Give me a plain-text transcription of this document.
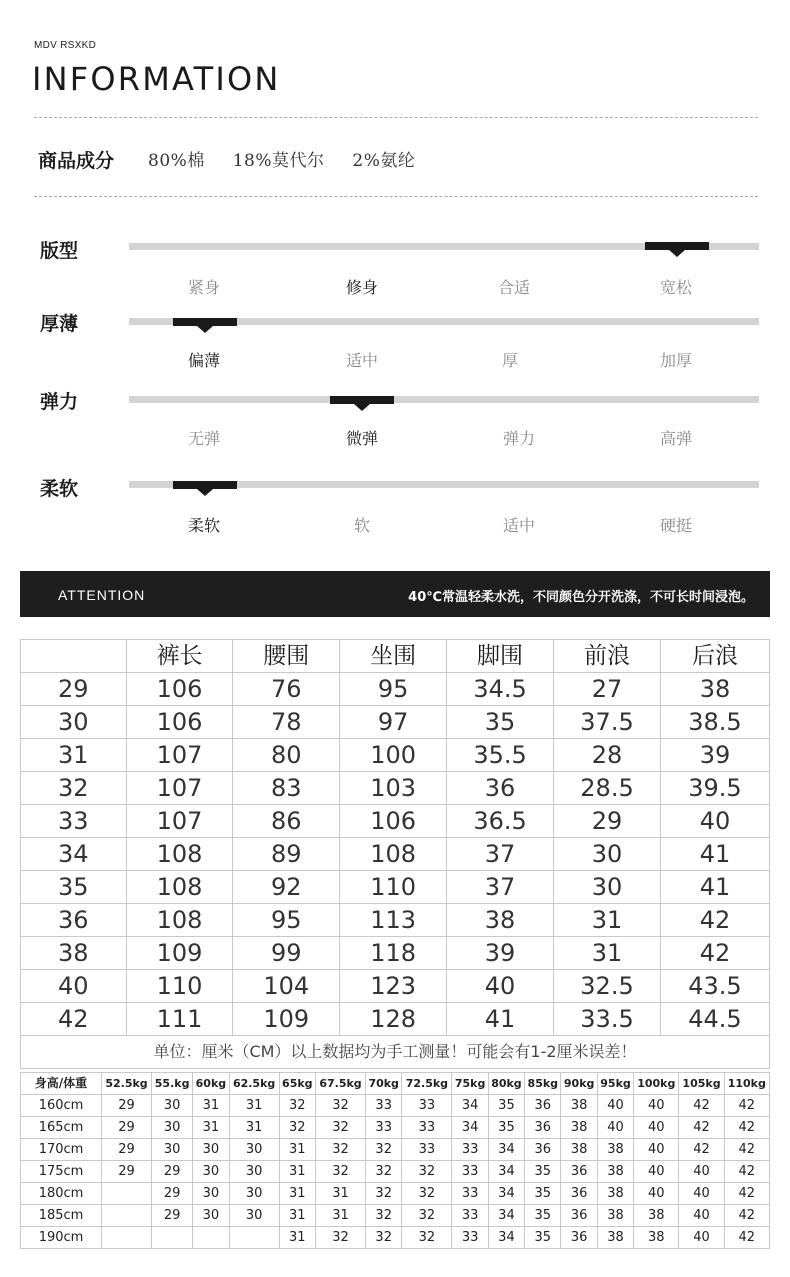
MDV RSXKD
INFORMATION
商品成分 80%棉 18%莫代尔 2%氨纶
版型
紧身	修身	合适	宽松
厚薄
偏薄	适中	厚	加厚
弹力
无弹	微弹	弹力	高弹
柔软
柔软	软	适中	硬挺
ATTENTION	40℃常温轻柔水洗，不同颜色分开洗涤，不可长时间浸泡。
	裤长	腰围	坐围	脚围	前浪	后浪
29	106	76	95	34.5	27	38
30	106	78	97	35	37.5	38.5
31	107	80	100	35.5	28	39
32	107	83	103	36	28.5	39.5
33	107	86	106	36.5	29	40
34	108	89	108	37	30	41
35	108	92	110	37	30	41
36	108	95	113	38	31	42
38	109	99	118	39	31	42
40	110	104	123	40	32.5	43.5
42	111	109	128	41	33.5	44.5
单位：厘米（CM）以上数据均为手工测量！可能会有1-2厘米误差！						
身高/体重	52.5kg	55.kg	60kg	62.5kg	65kg	67.5kg	70kg	72.5kg	75kg	80kg	85kg	90kg	95kg	100kg	105kg	110kg
160cm	29	30	31	31	32	32	33	33	34	35	36	38	40	40	42	42
165cm	29	30	31	31	32	32	33	33	34	35	36	38	40	40	42	42
170cm	29	30	30	30	31	32	32	33	33	34	36	38	38	40	42	42
175cm	29	29	30	30	31	32	32	32	33	34	35	36	38	40	40	42
180cm		29	30	30	31	31	32	32	33	34	35	36	38	40	40	42
185cm		29	30	30	31	31	32	32	33	34	35	36	38	38	40	42
190cm					31	32	32	32	33	34	35	36	38	38	40	42
